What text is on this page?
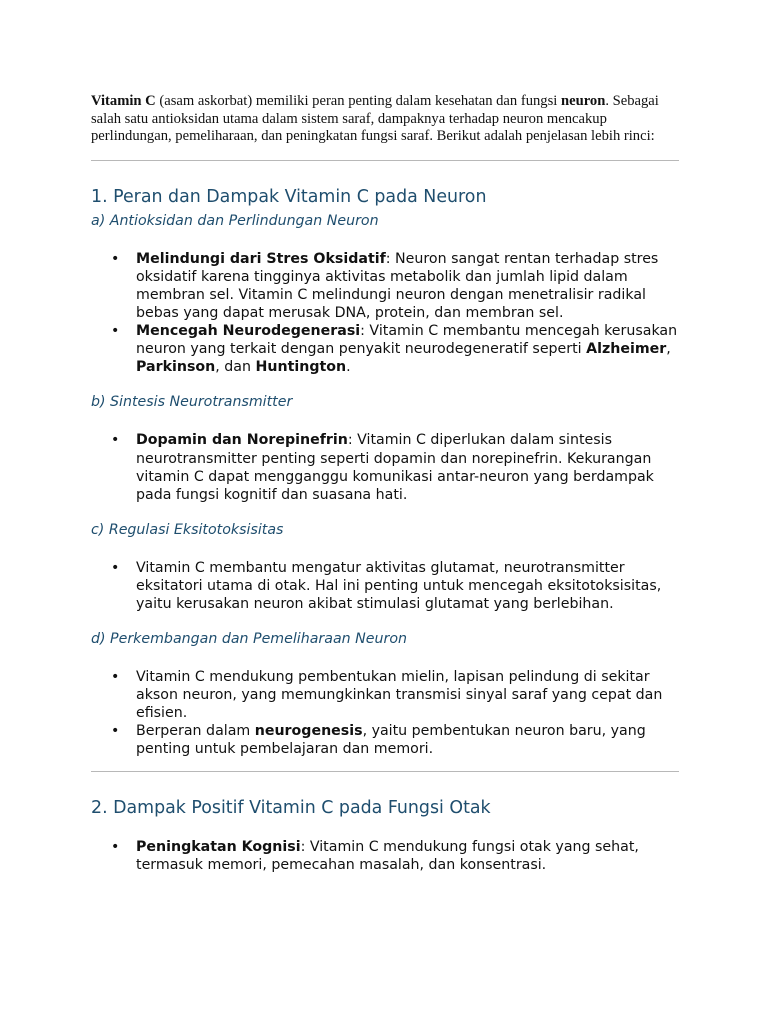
Vitamin C (asam askorbat) memiliki peran penting dalam kesehatan dan fungsi neuron. Sebagai salah satu antioksidan utama dalam sistem saraf, dampaknya terhadap neuron mencakup perlindungan, pemeliharaan, dan peningkatan fungsi saraf. Berikut adalah penjelasan lebih rinci:

1. Peran dan Dampak Vitamin C pada Neuron
a) Antioksidan dan Perlindungan Neuron
• Melindungi dari Stres Oksidatif: Neuron sangat rentan terhadap stres oksidatif karena tingginya aktivitas metabolik dan jumlah lipid dalam membran sel. Vitamin C melindungi neuron dengan menetralisir radikal bebas yang dapat merusak DNA, protein, dan membran sel.
• Mencegah Neurodegenerasi: Vitamin C membantu mencegah kerusakan neuron yang terkait dengan penyakit neurodegeneratif seperti Alzheimer, Parkinson, dan Huntington.
b) Sintesis Neurotransmitter
• Dopamin dan Norepinefrin: Vitamin C diperlukan dalam sintesis neurotransmitter penting seperti dopamin dan norepinefrin. Kekurangan vitamin C dapat mengganggu komunikasi antar-neuron yang berdampak pada fungsi kognitif dan suasana hati.
c) Regulasi Eksitotoksisitas
• Vitamin C membantu mengatur aktivitas glutamat, neurotransmitter eksitatori utama di otak. Hal ini penting untuk mencegah eksitotoksisitas, yaitu kerusakan neuron akibat stimulasi glutamat yang berlebihan.
d) Perkembangan dan Pemeliharaan Neuron
• Vitamin C mendukung pembentukan mielin, lapisan pelindung di sekitar akson neuron, yang memungkinkan transmisi sinyal saraf yang cepat dan efisien.
• Berperan dalam neurogenesis, yaitu pembentukan neuron baru, yang penting untuk pembelajaran dan memori.
2. Dampak Positif Vitamin C pada Fungsi Otak
• Peningkatan Kognisi: Vitamin C mendukung fungsi otak yang sehat, termasuk memori, pemecahan masalah, dan konsentrasi.
